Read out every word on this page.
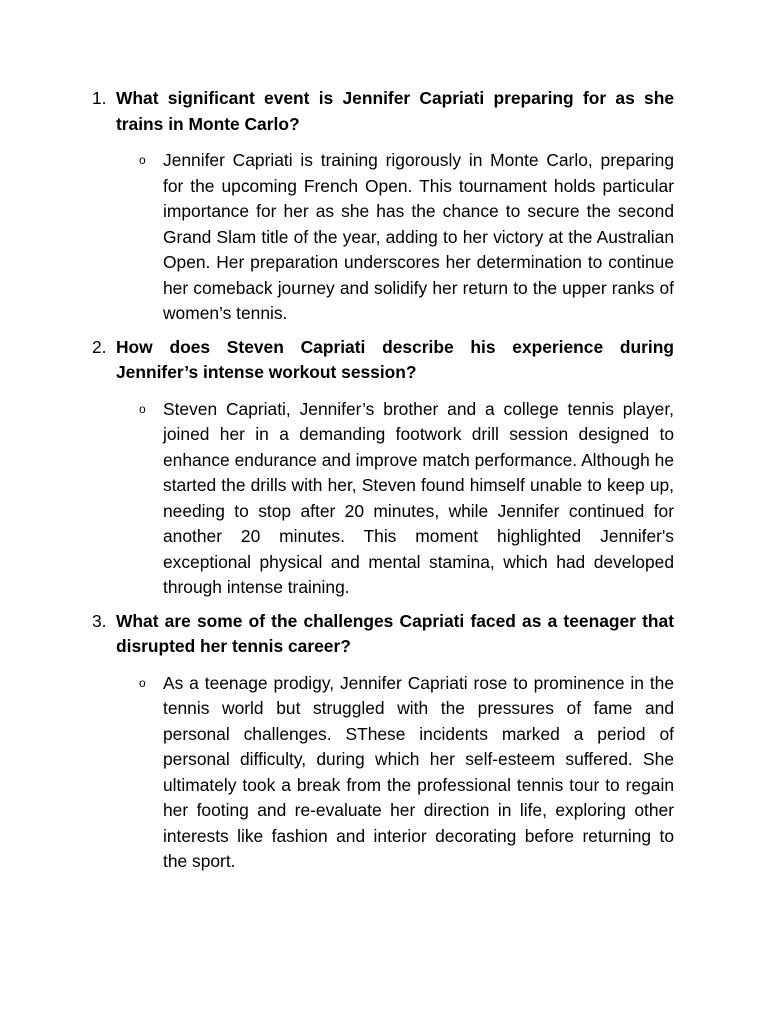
1. What significant event is Jennifer Capriati preparing for as she trains in Monte Carlo?
o Jennifer Capriati is training rigorously in Monte Carlo, preparing for the upcoming French Open. This tournament holds particular importance for her as she has the chance to secure the second Grand Slam title of the year, adding to her victory at the Australian Open. Her preparation underscores her determination to continue her comeback journey and solidify her return to the upper ranks of women’s tennis.
2. How does Steven Capriati describe his experience during Jennifer’s intense workout session?
o Steven Capriati, Jennifer’s brother and a college tennis player, joined her in a demanding footwork drill session designed to enhance endurance and improve match performance. Although he started the drills with her, Steven found himself unable to keep up, needing to stop after 20 minutes, while Jennifer continued for another 20 minutes. This moment highlighted Jennifer's exceptional physical and mental stamina, which had developed through intense training.
3. What are some of the challenges Capriati faced as a teenager that disrupted her tennis career?
o As a teenage prodigy, Jennifer Capriati rose to prominence in the tennis world but struggled with the pressures of fame and personal challenges. SThese incidents marked a period of personal difficulty, during which her self-esteem suffered. She ultimately took a break from the professional tennis tour to regain her footing and re-evaluate her direction in life, exploring other interests like fashion and interior decorating before returning to the sport.
